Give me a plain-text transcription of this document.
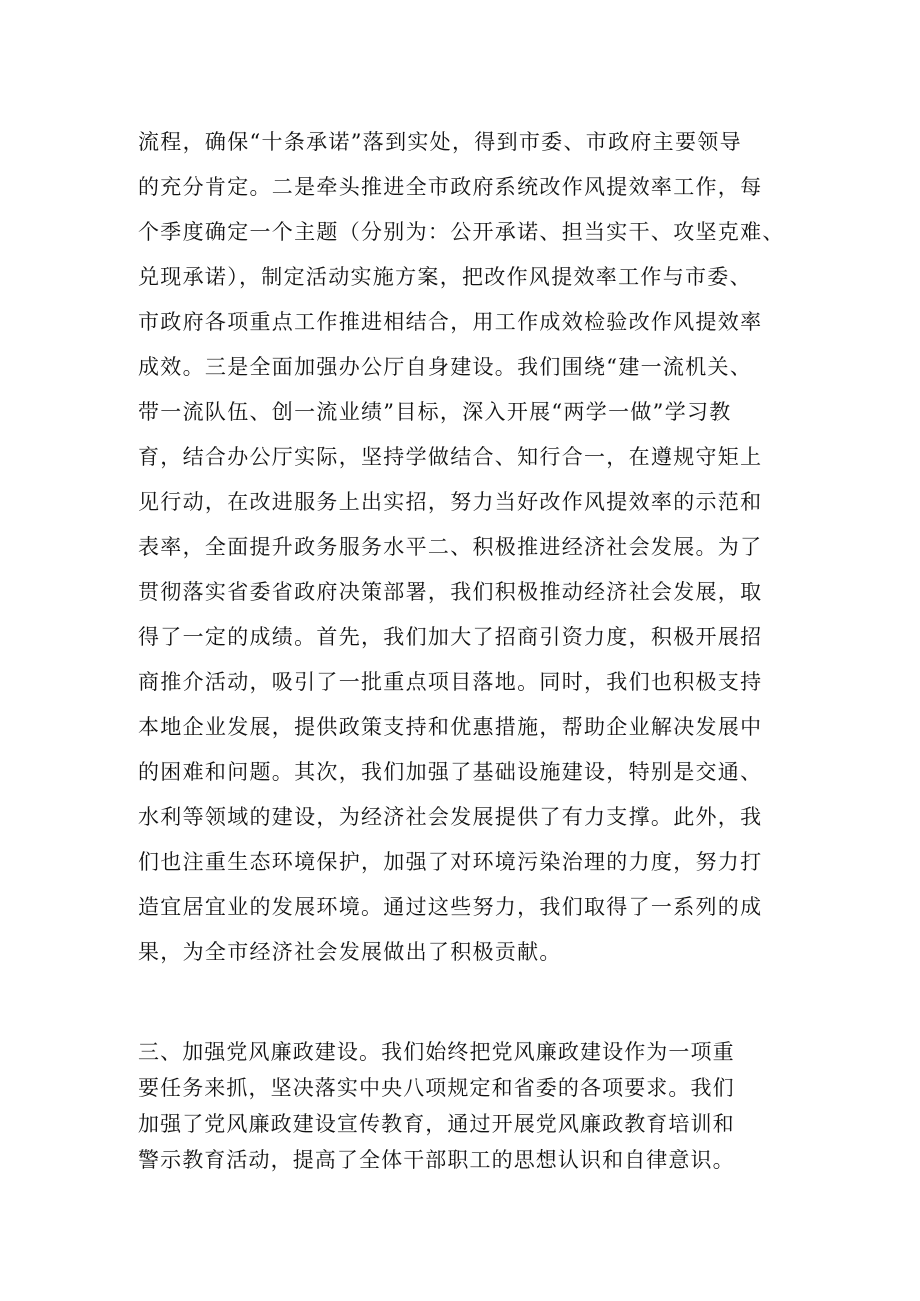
流程，确保“十条承诺”落到实处，得到市委、市政府主要领导
的充分肯定。二是牵头推进全市政府系统改作风提效率工作，每
个季度确定一个主题（分别为：公开承诺、担当实干、攻坚克难、
兑现承诺），制定活动实施方案，把改作风提效率工作与市委、
市政府各项重点工作推进相结合，用工作成效检验改作风提效率
成效。三是全面加强办公厅自身建设。我们围绕“建一流机关、
带一流队伍、创一流业绩”目标，深入开展“两学一做”学习教
育，结合办公厅实际，坚持学做结合、知行合一，在遵规守矩上
见行动，在改进服务上出实招，努力当好改作风提效率的示范和
表率，全面提升政务服务水平二、积极推进经济社会发展。为了
贯彻落实省委省政府决策部署，我们积极推动经济社会发展，取
得了一定的成绩。首先，我们加大了招商引资力度，积极开展招
商推介活动，吸引了一批重点项目落地。同时，我们也积极支持
本地企业发展，提供政策支持和优惠措施，帮助企业解决发展中
的困难和问题。其次，我们加强了基础设施建设，特别是交通、
水利等领域的建设，为经济社会发展提供了有力支撑。此外，我
们也注重生态环境保护，加强了对环境污染治理的力度，努力打
造宜居宜业的发展环境。通过这些努力，我们取得了一系列的成
果，为全市经济社会发展做出了积极贡献。
三、加强党风廉政建设。我们始终把党风廉政建设作为一项重
要任务来抓，坚决落实中央八项规定和省委的各项要求。我们
加强了党风廉政建设宣传教育，通过开展党风廉政教育培训和
警示教育活动，提高了全体干部职工的思想认识和自律意识。
